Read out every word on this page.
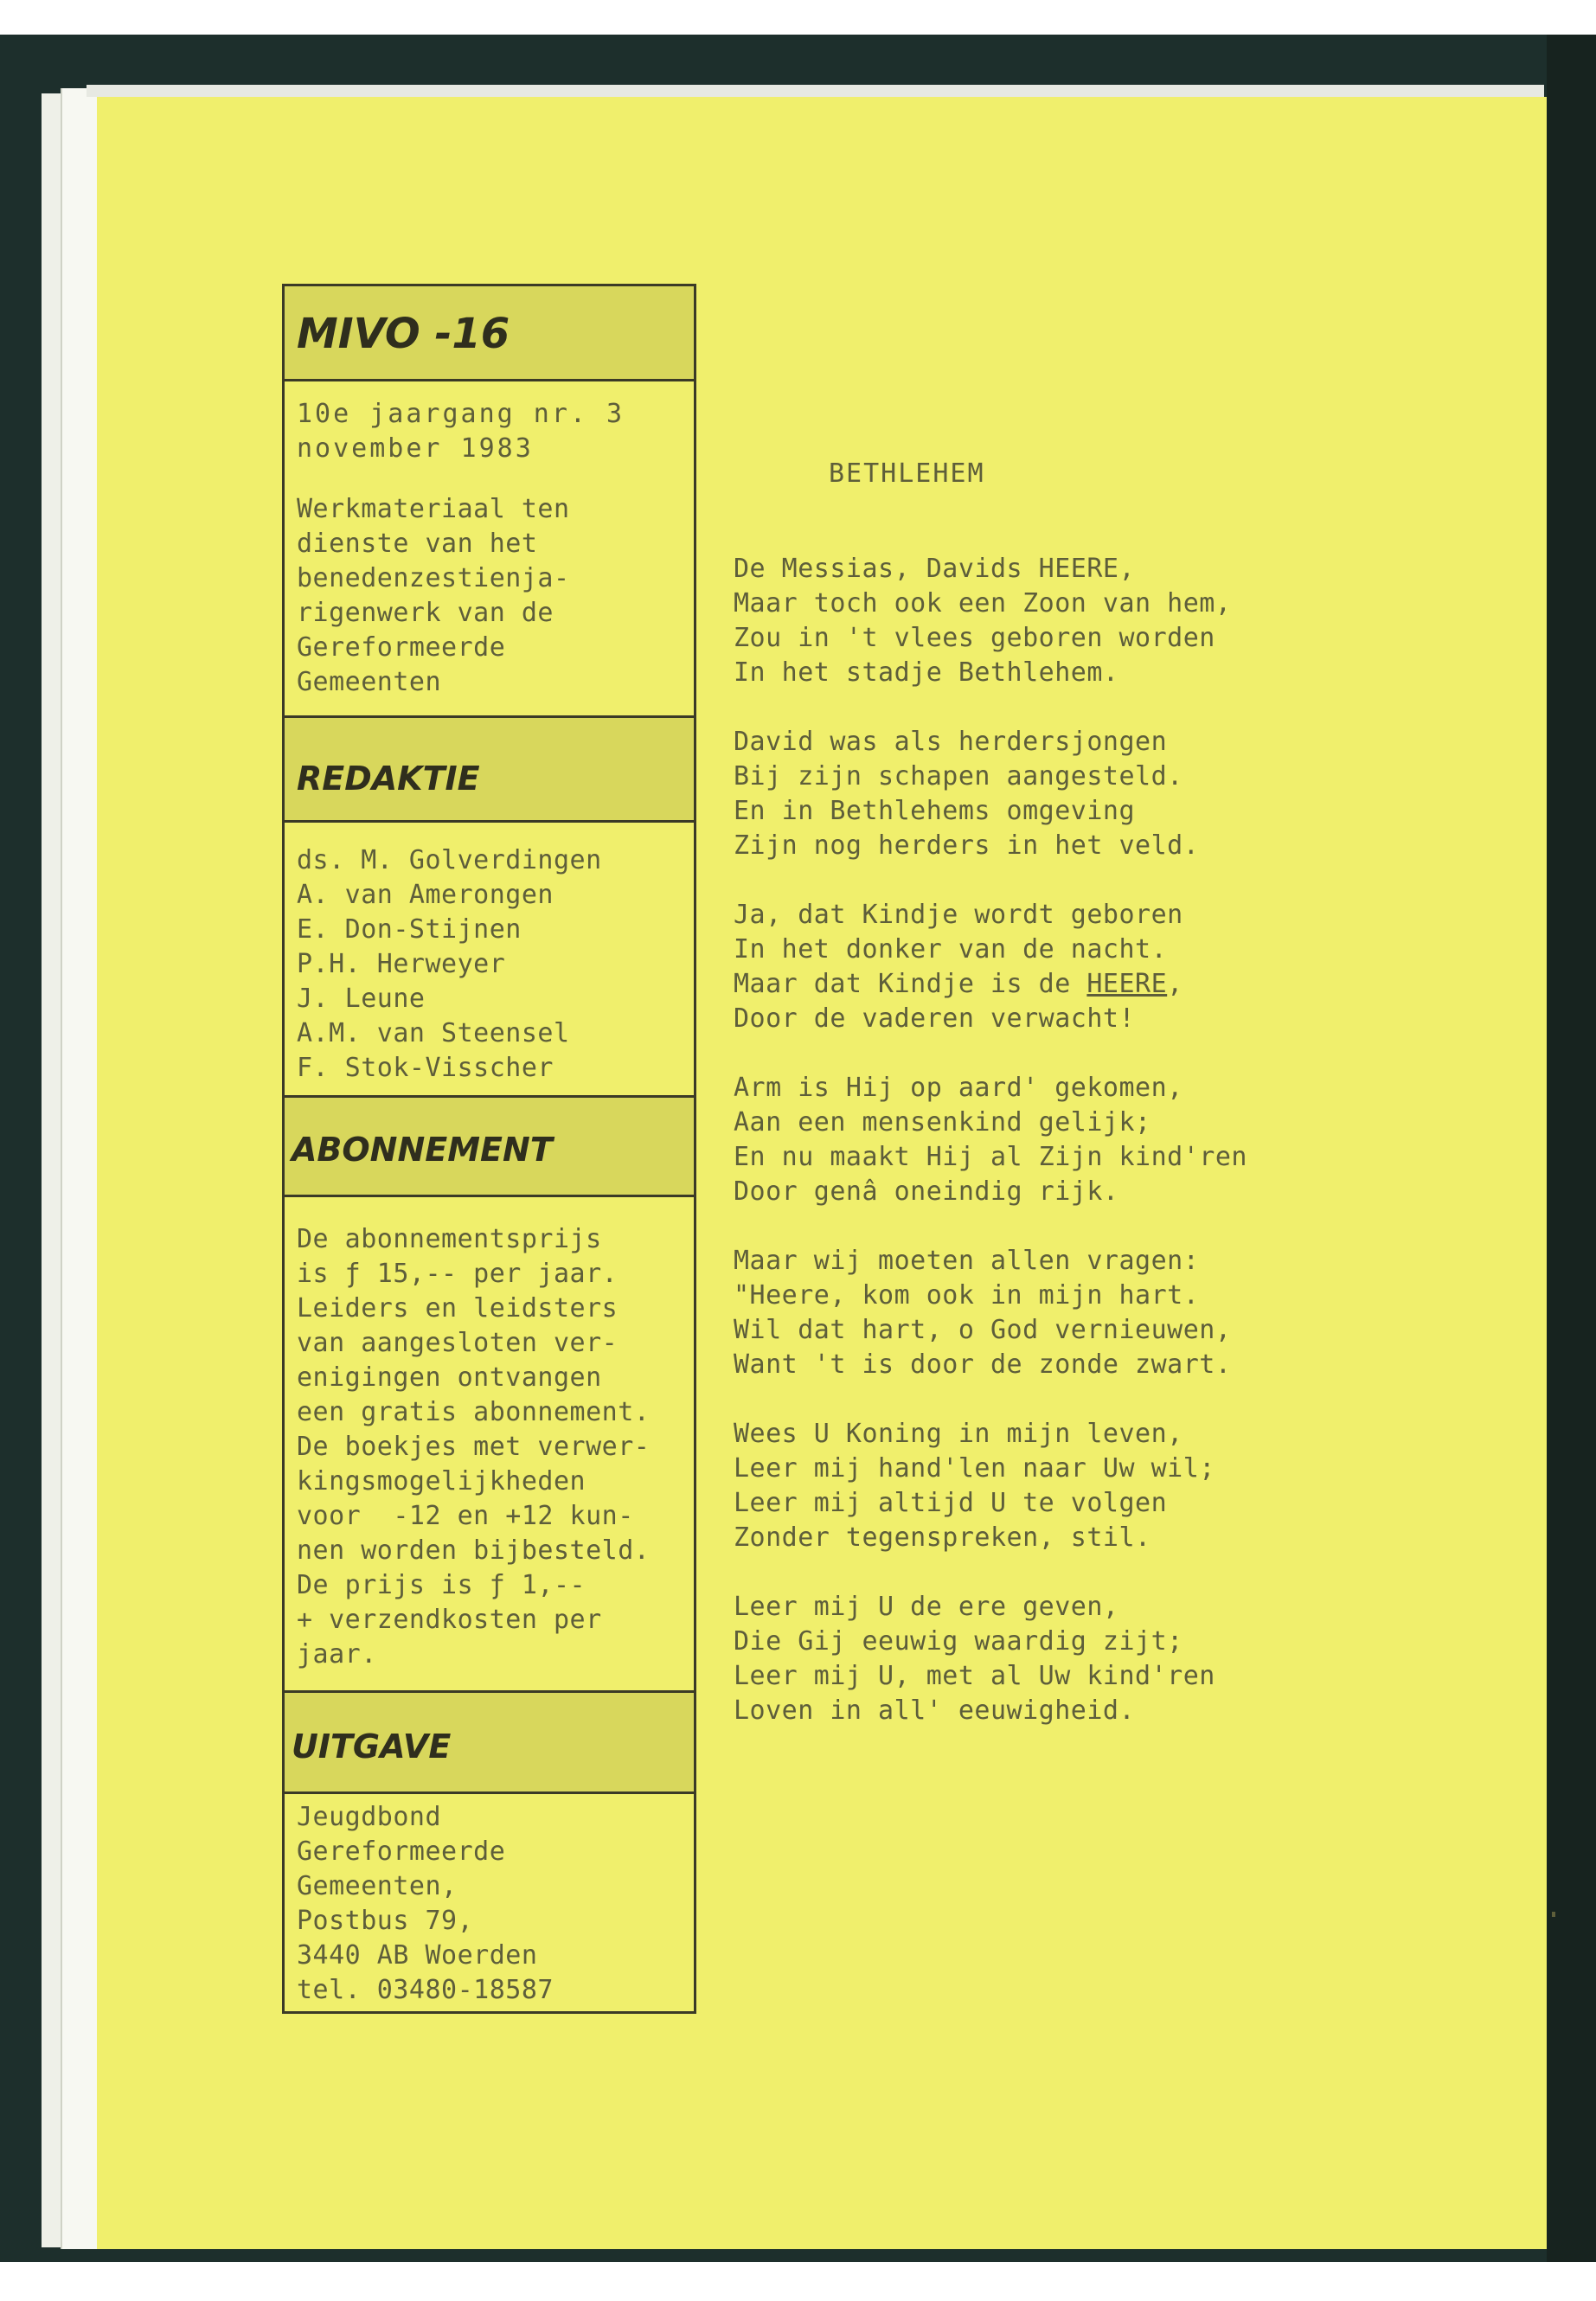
MIVO -16
10e jaargang nr. 3
november 1983
Werkmateriaal ten
dienste van het
benedenzestienja-
rigenwerk van de
Gereformeerde
Gemeenten
REDAKTIE
ds. M. Golverdingen
A. van Amerongen
E. Don-Stijnen
P.H. Herweyer
J. Leune
A.M. van Steensel
F. Stok-Visscher
ABONNEMENT
De abonnementsprijs
is ƒ 15,-- per jaar.
Leiders en leidsters
van aangesloten ver-
enigingen ontvangen
een gratis abonnement.
De boekjes met verwer-
kingsmogelijkheden
voor  -12 en +12 kun-
nen worden bijbesteld.
De prijs is ƒ 1,--
+ verzendkosten per
jaar.
UITGAVE
Jeugdbond
Gereformeerde
Gemeenten,
Postbus 79,
3440 AB Woerden
tel. 03480-18587
BETHLEHEM
De Messias, Davids HEERE,
Maar toch ook een Zoon van hem,
Zou in 't vlees geboren worden
In het stadje Bethlehem.
David was als herdersjongen
Bij zijn schapen aangesteld.
En in Bethlehems omgeving
Zijn nog herders in het veld.
Ja, dat Kindje wordt geboren
In het donker van de nacht.
Maar dat Kindje is de HEERE,
Door de vaderen verwacht!
Arm is Hij op aard' gekomen,
Aan een mensenkind gelijk;
En nu maakt Hij al Zijn kind'ren
Door genâ oneindig rijk.
Maar wij moeten allen vragen:
"Heere, kom ook in mijn hart.
Wil dat hart, o God vernieuwen,
Want 't is door de zonde zwart.
Wees U Koning in mijn leven,
Leer mij hand'len naar Uw wil;
Leer mij altijd U te volgen
Zonder tegenspreken, stil.
Leer mij U de ere geven,
Die Gij eeuwig waardig zijt;
Leer mij U, met al Uw kind'ren
Loven in all' eeuwigheid.
